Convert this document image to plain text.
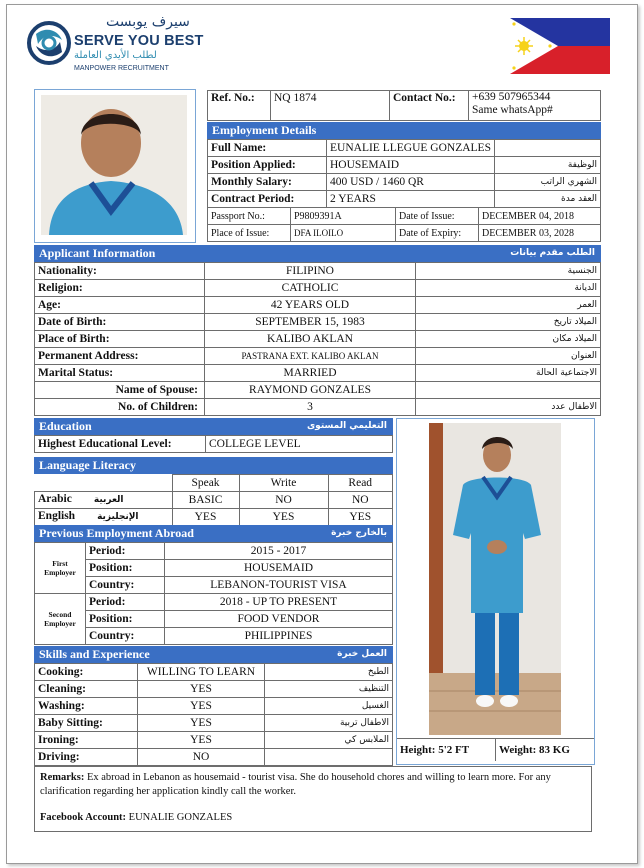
سيرف يوبست
SERVE YOU BEST
لطلب الأيدي العاملة
MANPOWER RECRUITMENT
Ref. No.:	NQ 1874	Contact No.:	+639 507965344
Same whatsApp#
Employment Details
Full Name:	EUNALIE LLEGUE GONZALES	
Position Applied:	HOUSEMAID	الوظيفة
Monthly Salary:	400 USD / 1460 QR	الشهري الراتب
Contract Period:	2 YEARS	العقد مدة
Passport No.:	P9809391A	Date of Issue:	DECEMBER 04, 2018
Place of Issue:	DFA ILOILO	Date of Expiry:	DECEMBER 03, 2028
Applicant Information	الطلب مقدم بيانات
Nationality:	FILIPINO	الجنسية
Religion:	CATHOLIC	الديانة
Age:	42 YEARS OLD	العمر
Date of Birth:	SEPTEMBER 15, 1983	الميلاد تاريخ
Place of Birth:	KALIBO AKLAN	الميلاد مكان
Permanent Address:	PASTRANA EXT. KALIBO AKLAN	العنوان
Marital Status:	MARRIED	الاجتماعية الحالة
Name of Spouse:	RAYMOND GONZALES	
No. of Children:	3	الاطفال عدد
Education	التعليمي المستوى
Highest Educational Level:	COLLEGE LEVEL
Language Literacy
	Speak	Write	Read
Arabic العربية	BASIC	NO	NO
English الإنجليزية	YES	YES	YES
Previous Employment Abroad	بالخارج خبرة
First Employer	Period:	2015 - 2017
	Position:	HOUSEMAID
	Country:	LEBANON-TOURIST VISA
Second Employer	Period:	2018 - UP TO PRESENT
	Position:	FOOD VENDOR
	Country:	PHILIPPINES
Skills and Experience	العمل خبرة
Cooking:	WILLING TO LEARN	الطبخ
Cleaning:	YES	التنظيف
Washing:	YES	الغسيل
Baby Sitting:	YES	الاطفال تربية
Ironing:	YES	الملابس كي
Driving:	NO	
Height: 5'2 FT	Weight: 83 KG
Remarks: Ex abroad in Lebanon as housemaid - tourist visa. She do household chores and willing to learn more. For any clarification regarding her application kindly call the worker.
Facebook Account: EUNALIE GONZALES
